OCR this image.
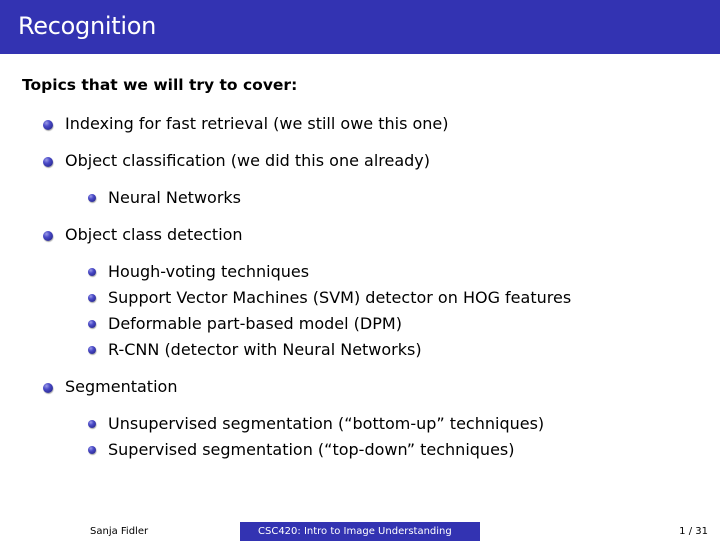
Recognition
Topics that we will try to cover:
Indexing for fast retrieval (we still owe this one)
Object classification (we did this one already)
Neural Networks
Object class detection
Hough-voting techniques
Support Vector Machines (SVM) detector on HOG features
Deformable part-based model (DPM)
R-CNN (detector with Neural Networks)
Segmentation
Unsupervised segmentation (“bottom-up” techniques)
Supervised segmentation (“top-down” techniques)
Sanja Fidler	CSC420: Intro to Image Understanding	1 / 31
